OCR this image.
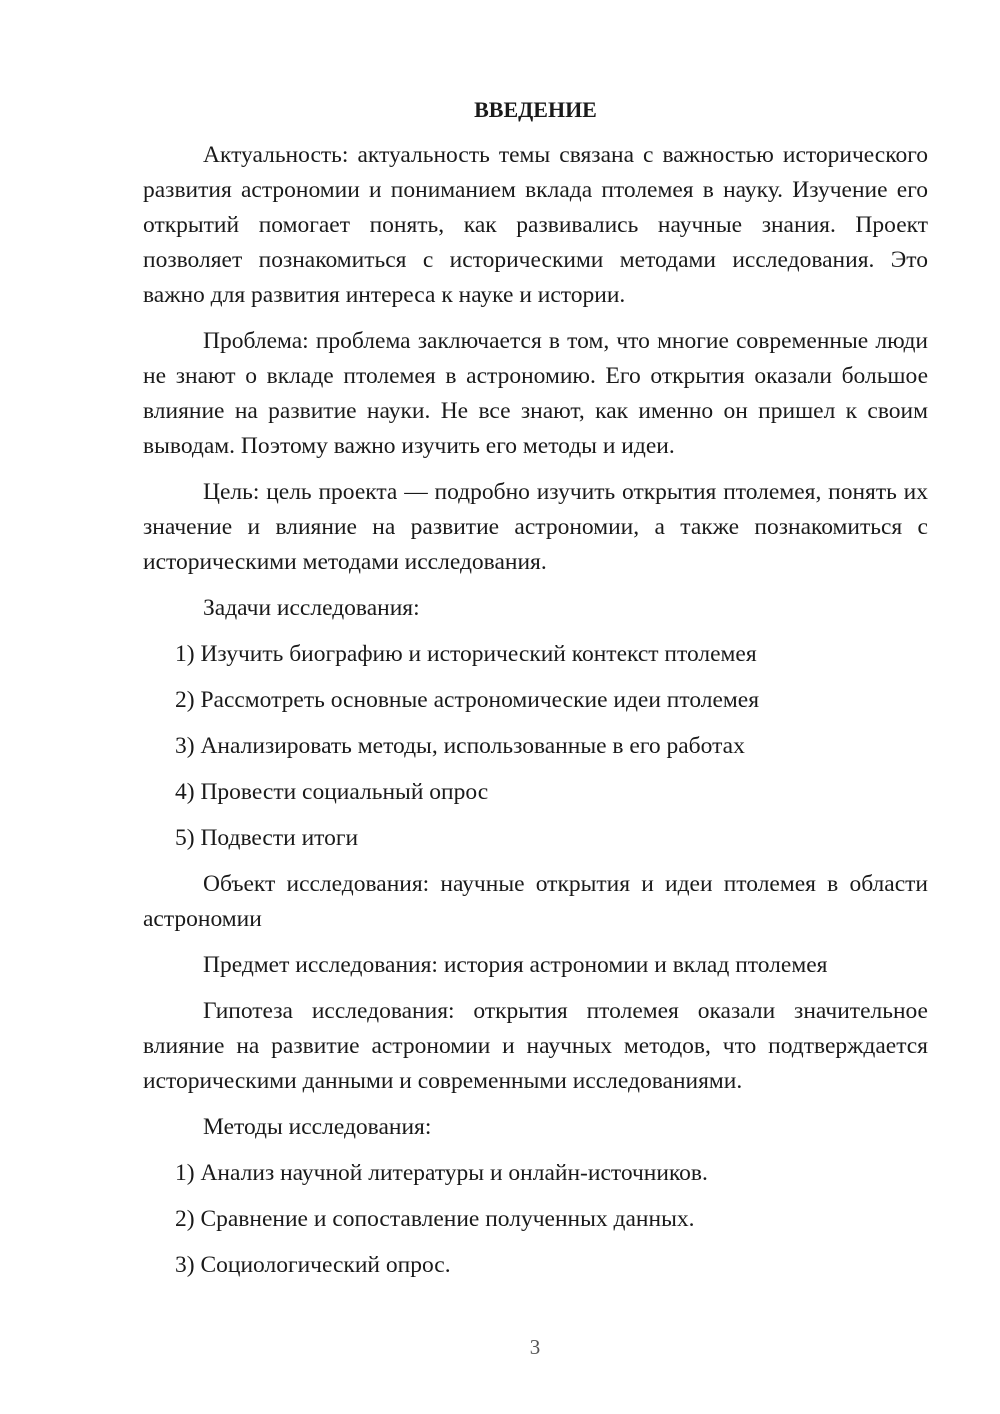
ВВЕДЕНИЕ

Актуальность: актуальность темы связана с важностью исторического развития астрономии и пониманием вклада птолемея в науку. Изучение его открытий помогает понять, как развивались научные знания. Проект позволяет познакомиться с историческими методами исследования. Это важно для развития интереса к науке и истории.

Проблема: проблема заключается в том, что многие современные люди не знают о вкладе птолемея в астрономию. Его открытия оказали большое влияние на развитие науки. Не все знают, как именно он пришел к своим выводам. Поэтому важно изучить его методы и идеи.

Цель: цель проекта — подробно изучить открытия птолемея, понять их значение и влияние на развитие астрономии, а также познакомиться с историческими методами исследования.

Задачи исследования:

1) Изучить биографию и исторический контекст птолемея
2) Рассмотреть основные астрономические идеи птолемея
3) Анализировать методы, использованные в его работах
4) Провести социальный опрос
5) Подвести итоги

Объект исследования: научные открытия и идеи птолемея в области астрономии

Предмет исследования: история астрономии и вклад птолемея

Гипотеза исследования: открытия птолемея оказали значительное влияние на развитие астрономии и научных методов, что подтверждается историческими данными и современными исследованиями.

Методы исследования:

1) Анализ научной литературы и онлайн-источников.
2) Сравнение и сопоставление полученных данных.
3) Социологический опрос.
3
